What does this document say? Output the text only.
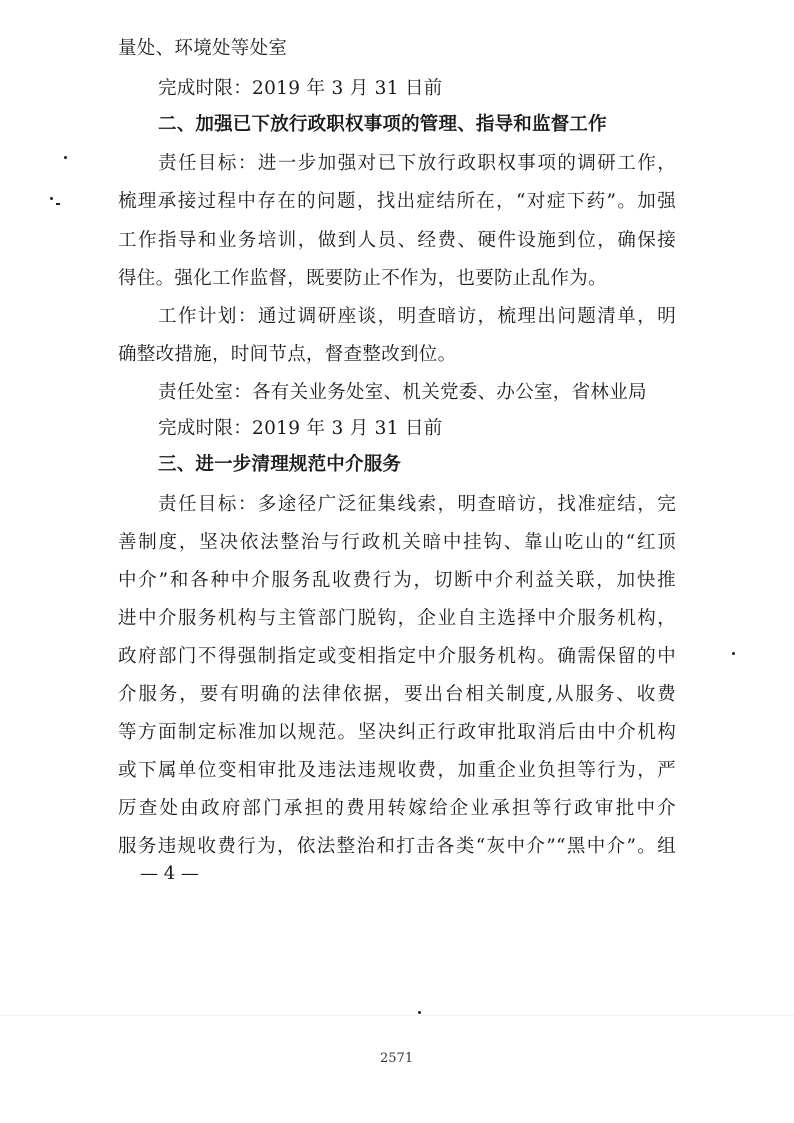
量处、环境处等处室
完成时限：2019 年 3 月 31 日前
二、加强已下放行政职权事项的管理、指导和监督工作
责任目标：进一步加强对已下放行政职权事项的调研工作，
梳理承接过程中存在的问题，找出症结所在，“对症下药”。加强
工作指导和业务培训，做到人员、经费、硬件设施到位，确保接
得住。强化工作监督，既要防止不作为，也要防止乱作为。
工作计划：通过调研座谈，明查暗访，梳理出问题清单，明
确整改措施，时间节点，督查整改到位。
责任处室：各有关业务处室、机关党委、办公室，省林业局
完成时限：2019 年 3 月 31 日前
三、进一步清理规范中介服务
责任目标：多途径广泛征集线索，明查暗访，找准症结，完
善制度，坚决依法整治与行政机关暗中挂钩、靠山吃山的“红顶
中介”和各种中介服务乱收费行为，切断中介利益关联，加快推
进中介服务机构与主管部门脱钩，企业自主选择中介服务机构，
政府部门不得强制指定或变相指定中介服务机构。确需保留的中
介服务，要有明确的法律依据，要出台相关制度,从服务、收费
等方面制定标准加以规范。坚决纠正行政审批取消后由中介机构
或下属单位变相审批及违法违规收费，加重企业负担等行为，严
厉查处由政府部门承担的费用转嫁给企业承担等行政审批中介
服务违规收费行为，依法整治和打击各类“灰中介”“黑中介”。组
— 4 —
2571
